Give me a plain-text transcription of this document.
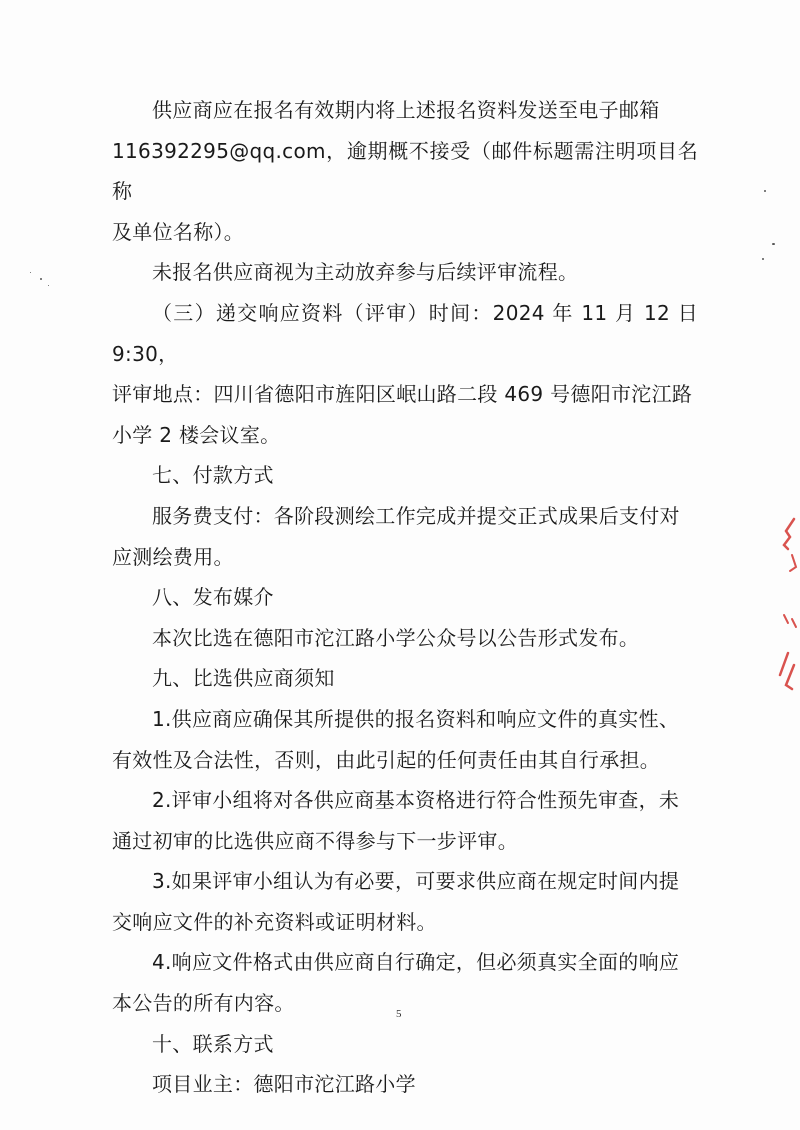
供应商应在报名有效期内将上述报名资料发送至电子邮箱

116392295@qq.com，逾期概不接受（邮件标题需注明项目名称

及单位名称）。

未报名供应商视为主动放弃参与后续评审流程。

（三）递交响应资料（评审）时间：2024 年 11 月 12 日 9:30，

评审地点：四川省德阳市旌阳区岷山路二段 469 号德阳市沱江路

小学 2 楼会议室。

七、付款方式

服务费支付：各阶段测绘工作完成并提交正式成果后支付对

应测绘费用。

八、发布媒介

本次比选在德阳市沱江路小学公众号以公告形式发布。

九、比选供应商须知

1.供应商应确保其所提供的报名资料和响应文件的真实性、

有效性及合法性，否则，由此引起的任何责任由其自行承担。

2.评审小组将对各供应商基本资格进行符合性预先审查，未

通过初审的比选供应商不得参与下一步评审。

3.如果评审小组认为有必要，可要求供应商在规定时间内提

交响应文件的补充资料或证明材料。

4.响应文件格式由供应商自行确定，但必须真实全面的响应

本公告的所有内容。

十、联系方式

项目业主：德阳市沱江路小学

5
